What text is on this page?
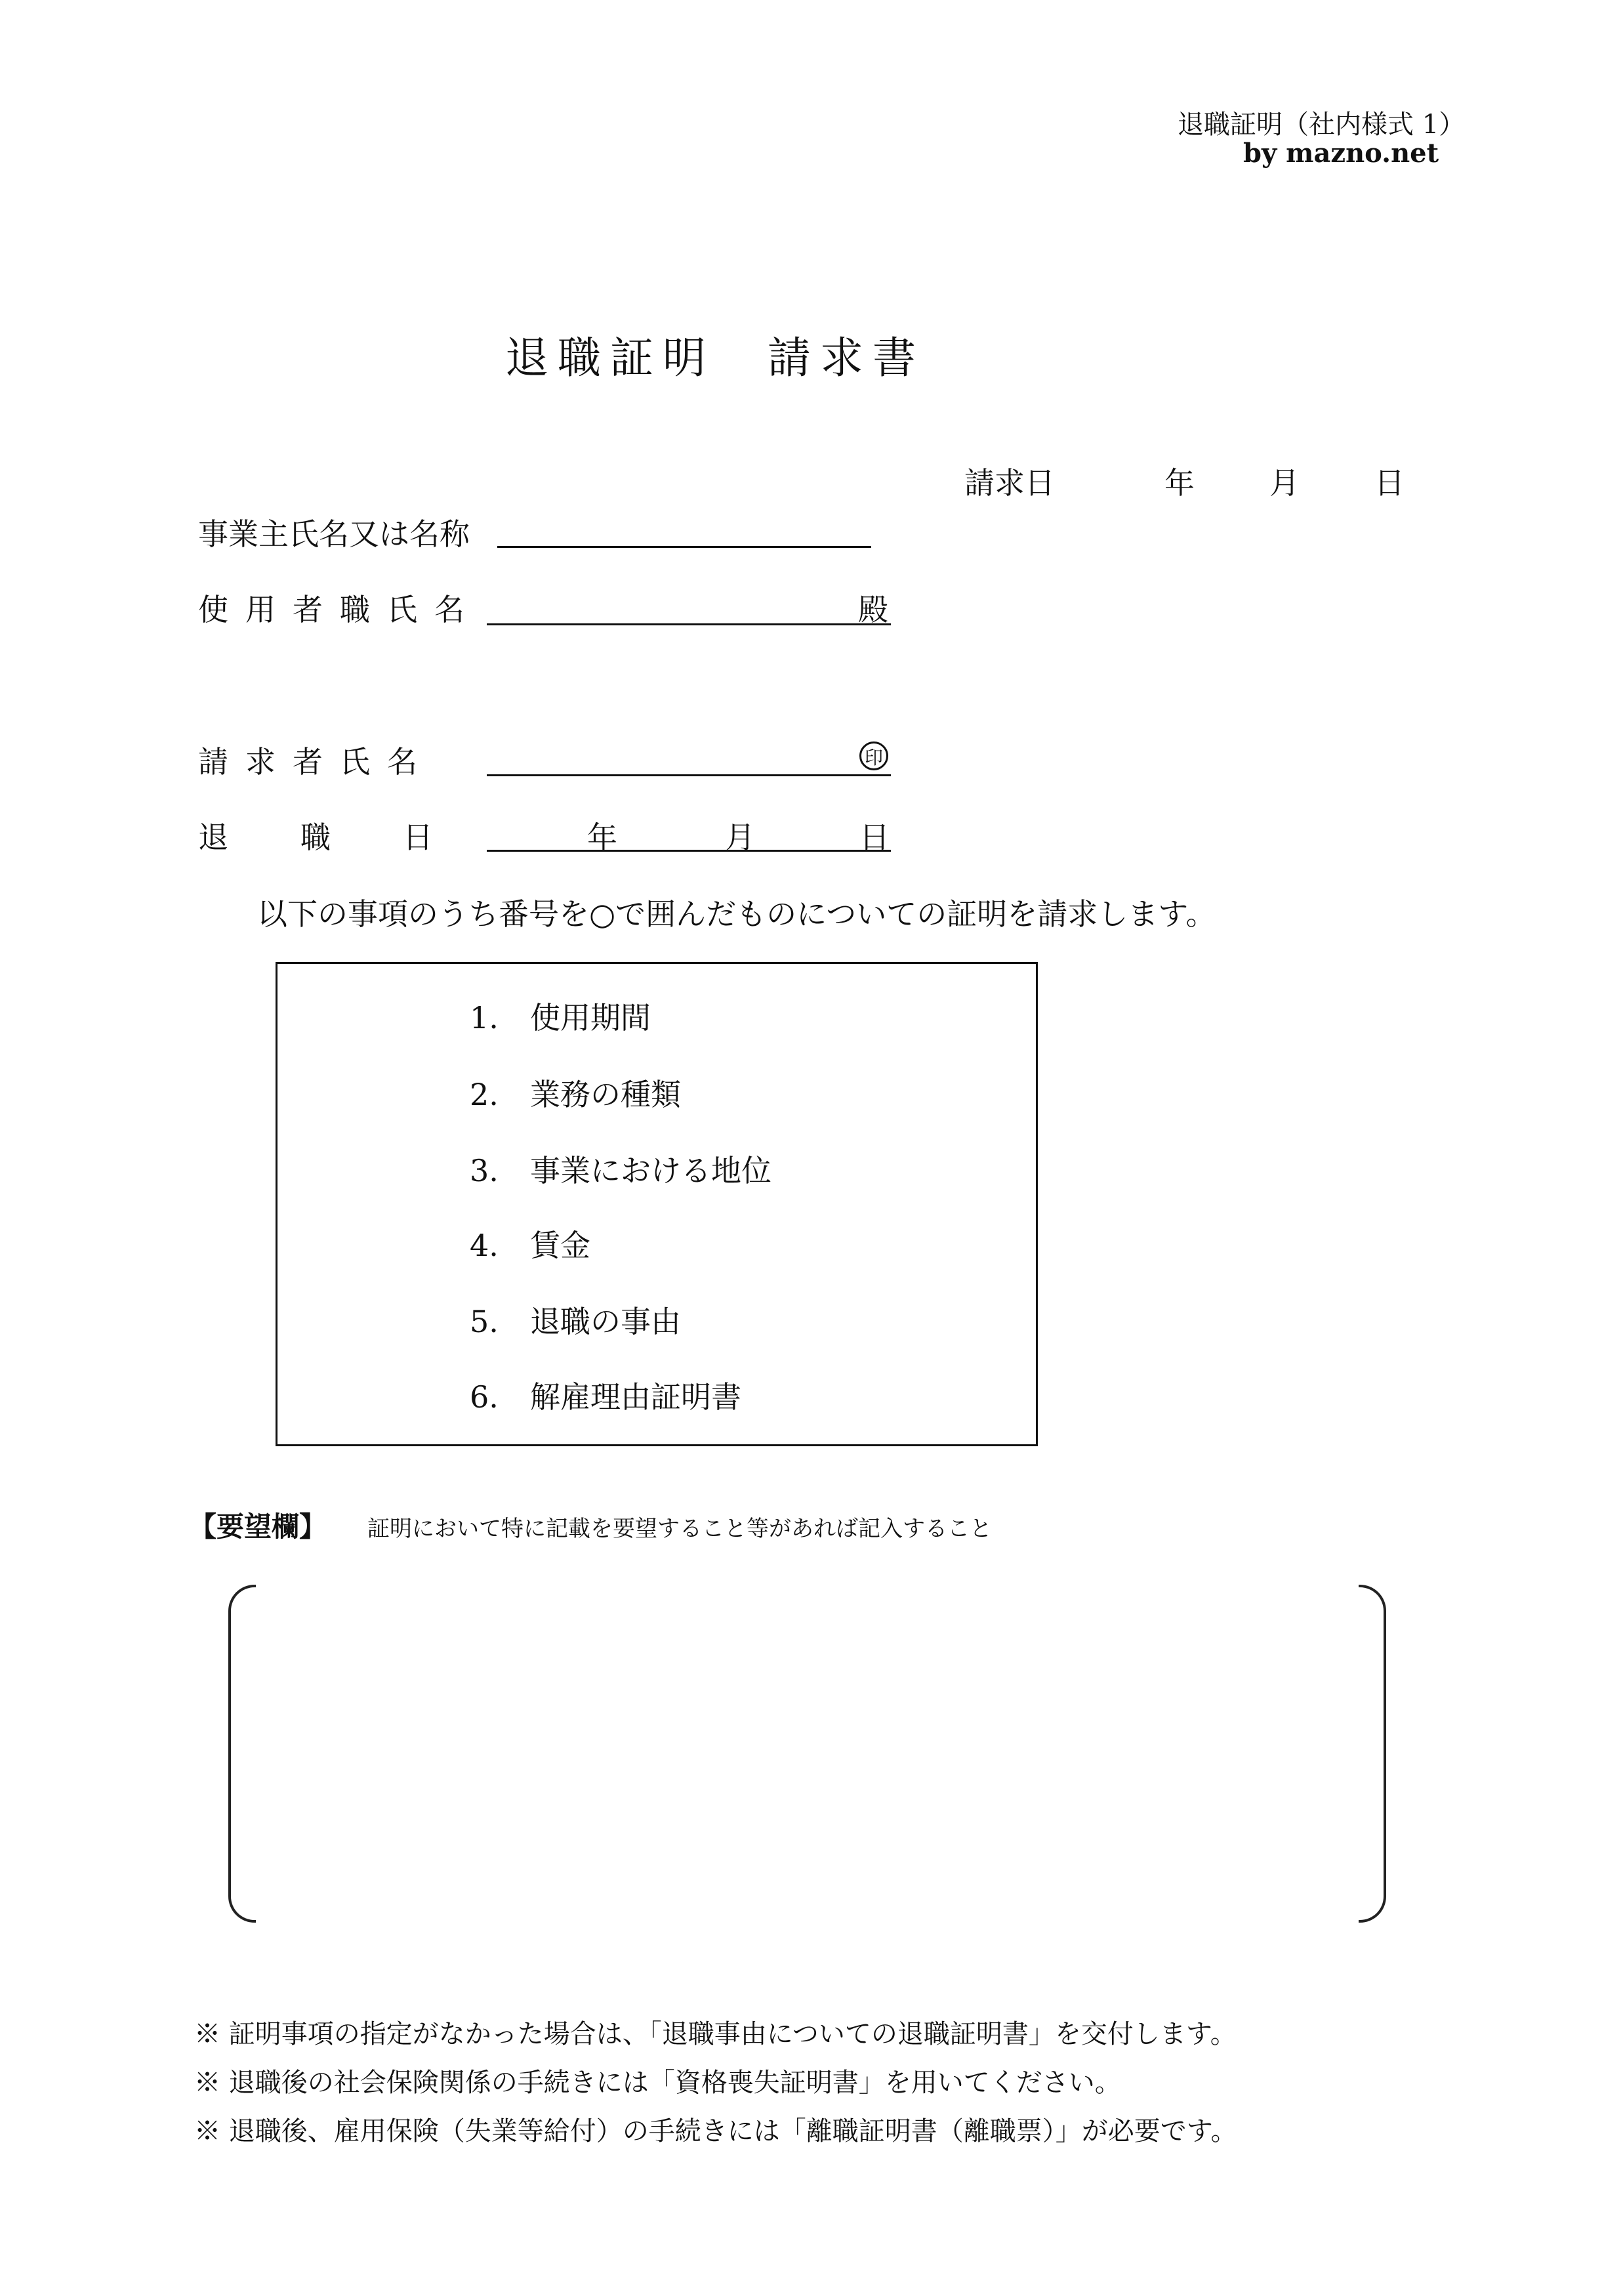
退職証明（社内様式 1）
by mazno.net
退職証明　請求書
請求日	年 月 日
事業主氏名又は名称
使用者職氏名	殿
請求者氏名	印
退職日	年	月	日
以下の事項のうち番号を○で囲んだものについての証明を請求します。
1. 使用期間
2. 業務の種類
3. 事業における地位
4. 賃金
5. 退職の事由
6. 解雇理由証明書
【要望欄】 証明において特に記載を要望すること等があれば記入すること
※ 証明事項の指定がなかった場合は、「退職事由についての退職証明書」を交付します。
※ 退職後の社会保険関係の手続きには「資格喪失証明書」を用いてください。
※ 退職後、雇用保険（失業等給付）の手続きには「離職証明書（離職票）」が必要です。
